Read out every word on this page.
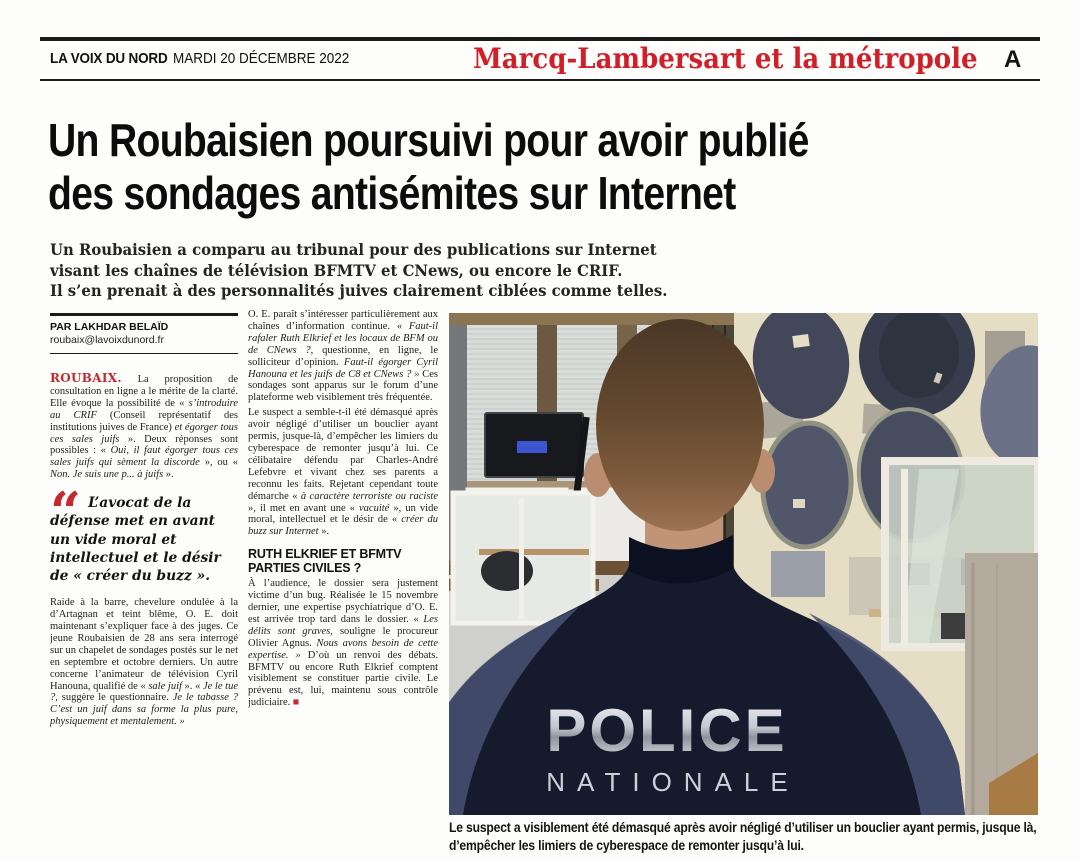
LA VOIX DU NORD MARDI 20 DÉCEMBRE 2022	Marcq-Lambersart et la métropole A
Un Roubaisien poursuivi pour avoir publié
des sondages antisémites sur Internet
Un Roubaisien a comparu au tribunal pour des publications sur Internet
visant les chaînes de télévision BFMTV et CNews, ou encore le CRIF.
Il s’en prenait à des personnalités juives clairement ciblées comme telles.
PAR LAKHDAR BELAÏD
roubaix@lavoixdunord.fr

ROUBAIX. La proposition de consultation en ligne a le mérite de la clarté. Elle évoque la possibilité de « s’introduire au CRIF (Conseil représentatif des institutions juives de France) et égorger tous ces sales juifs ». Deux réponses sont possibles : « Oui, il faut égorger tous ces sales juifs qui sèment la discorde », ou « Non. Je suis une p... à juifs ».

“ L’avocat de la défense met en avant un vide moral et intellectuel et le désir de « créer du buzz ».

Raide à la barre, chevelure ondulée à la d’Artagnan et teint blême, O. E. doit maintenant s’expliquer face à des juges. Ce jeune Roubaisien de 28 ans sera interrogé sur un chapelet de sondages postés sur le net en septembre et octobre derniers. Un autre concerne l’animateur de télévision Cyril Hanouna, qualifié de « sale juif ». « Je le tue ?, suggère le questionnaire. Je le tabasse ? C’est un juif dans sa forme la plus pure, physiquement et mentalement. »

O. E. paraît s’intéresser particulièrement aux chaînes d’information continue. « Faut-il rafaler Ruth Elkrief et les locaux de BFM ou de CNews ?, questionne, en ligne, le solliciteur d’opinion. Faut-il égorger Cyril Hanouna et les juifs de C8 et CNews ? » Ces sondages sont apparus sur le forum d’une plateforme web visiblement très fréquentée.

Le suspect a semble-t-il été démasqué après avoir négligé d’utiliser un bouclier ayant permis, jusque-là, d’empêcher les limiers du cyberespace de remonter jusqu’à lui. Ce célibataire défendu par Charles-André Lefebvre et vivant chez ses parents a reconnu les faits. Rejetant cependant toute démarche « à caractère terroriste ou raciste », il met en avant une « vacuité », un vide moral, intellectuel et le désir de « créer du buzz sur Internet ».

RUTH ELKRIEF ET BFMTV
PARTIES CIVILES ?

À l’audience, le dossier sera justement victime d’un bug. Réalisée le 15 novembre dernier, une expertise psychiatrique d’O. E. est arrivée trop tard dans le dossier. « Les délits sont graves, souligne le procureur Olivier Agnus. Nous avons besoin de cette expertise. » D’où un renvoi des débats. BFMTV ou encore Ruth Elkrief comptent visiblement se constituer partie civile. Le prévenu est, lui, maintenu sous contrôle judiciaire. ■	POLICE
NATIONALE
Le suspect a visiblement été démasqué après avoir négligé d’utiliser un bouclier ayant permis, jusque là, d’empêcher les limiers de cyberespace de remonter jusqu’à lui.
